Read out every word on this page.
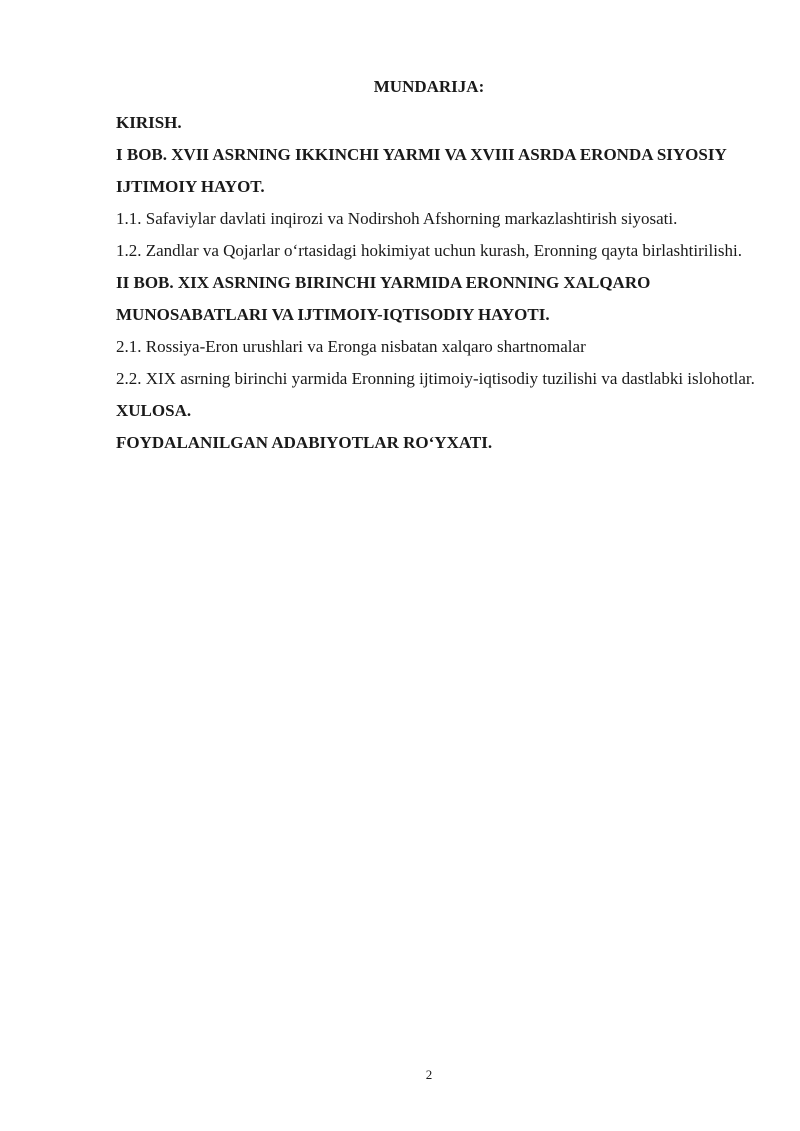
MUNDARIJA:

KIRISH.

I BOB. XVII ASRNING IKKINCHI YARMI VA XVIII ASRDA ERONDA SIYOSIY IJTIMOIY HAYOT.

1.1. Safaviylar davlati inqirozi va Nodirshoh Afshorning markazlashtirish siyosati.

1.2. Zandlar va Qojarlar o‘rtasidagi hokimiyat uchun kurash, Eronning qayta birlashtirilishi.

II BOB. XIX ASRNING BIRINCHI YARMIDA ERONNING XALQARO MUNOSABATLARI VA IJTIMOIY-IQTISODIY HAYOTI.

2.1. Rossiya-Eron urushlari va Eronga nisbatan xalqaro shartnomalar

2.2. XIX asrning birinchi yarmida Eronning ijtimoiy-iqtisodiy tuzilishi va dastlabki islohotlar.

XULOSA.

FOYDALANILGAN ADABIYOTLAR RO‘YXATI.

2
